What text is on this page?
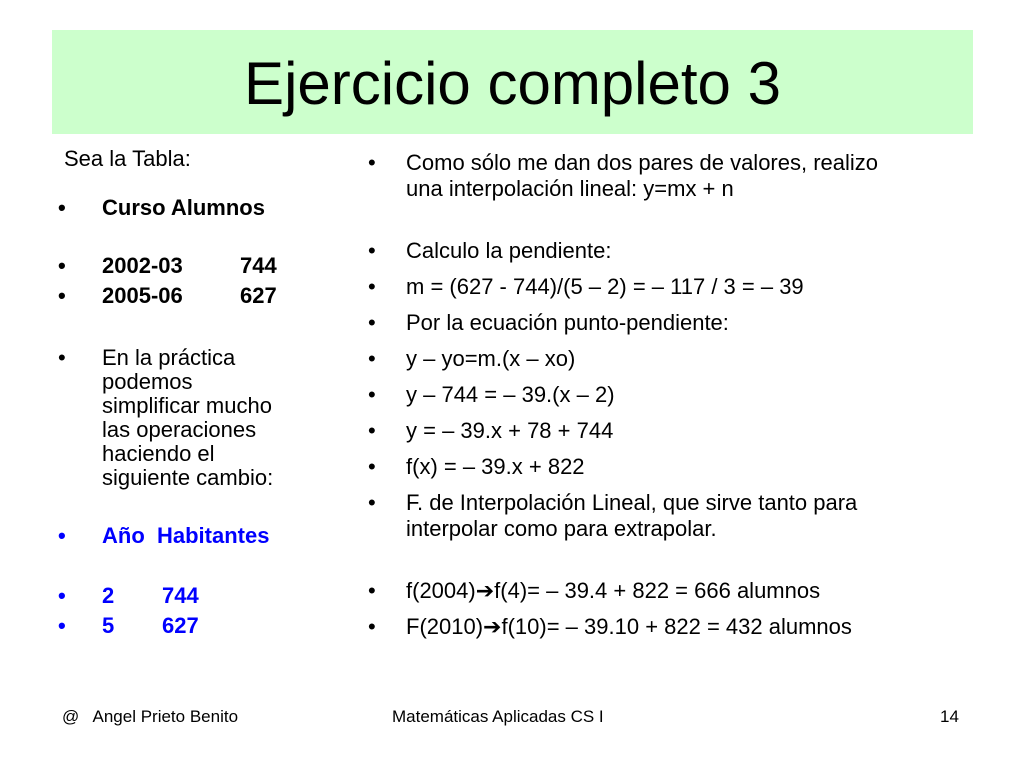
Ejercicio completo 3

Sea la Tabla:

• Curso Alumnos
• 2002-03	744
• 2005-06	627
• En la práctica
podemos
simplificar mucho
las operaciones
haciendo el
siguiente cambio:
• Año  Habitantes
• 2 744
• 5 627
• Como sólo me dan dos pares de valores, realizo
una interpolación lineal: y=mx + n
• Calculo la pendiente:
• m = (627 - 744)/(5 – 2) = – 117 / 3 = – 39
• Por la ecuación punto-pendiente:
• y – yo=m.(x – xo)
• y – 744 = – 39.(x – 2)
• y = – 39.x + 78 + 744
• f(x) = – 39.x + 822
• F. de Interpolación Lineal, que sirve tanto para
interpolar como para extrapolar.
• f(2004)➔f(4)= – 39.4 + 822 = 666 alumnos
• F(2010)➔f(10)= – 39.10 + 822 = 432 alumnos
@   Angel Prieto Benito	Matemáticas Aplicadas CS I	14
